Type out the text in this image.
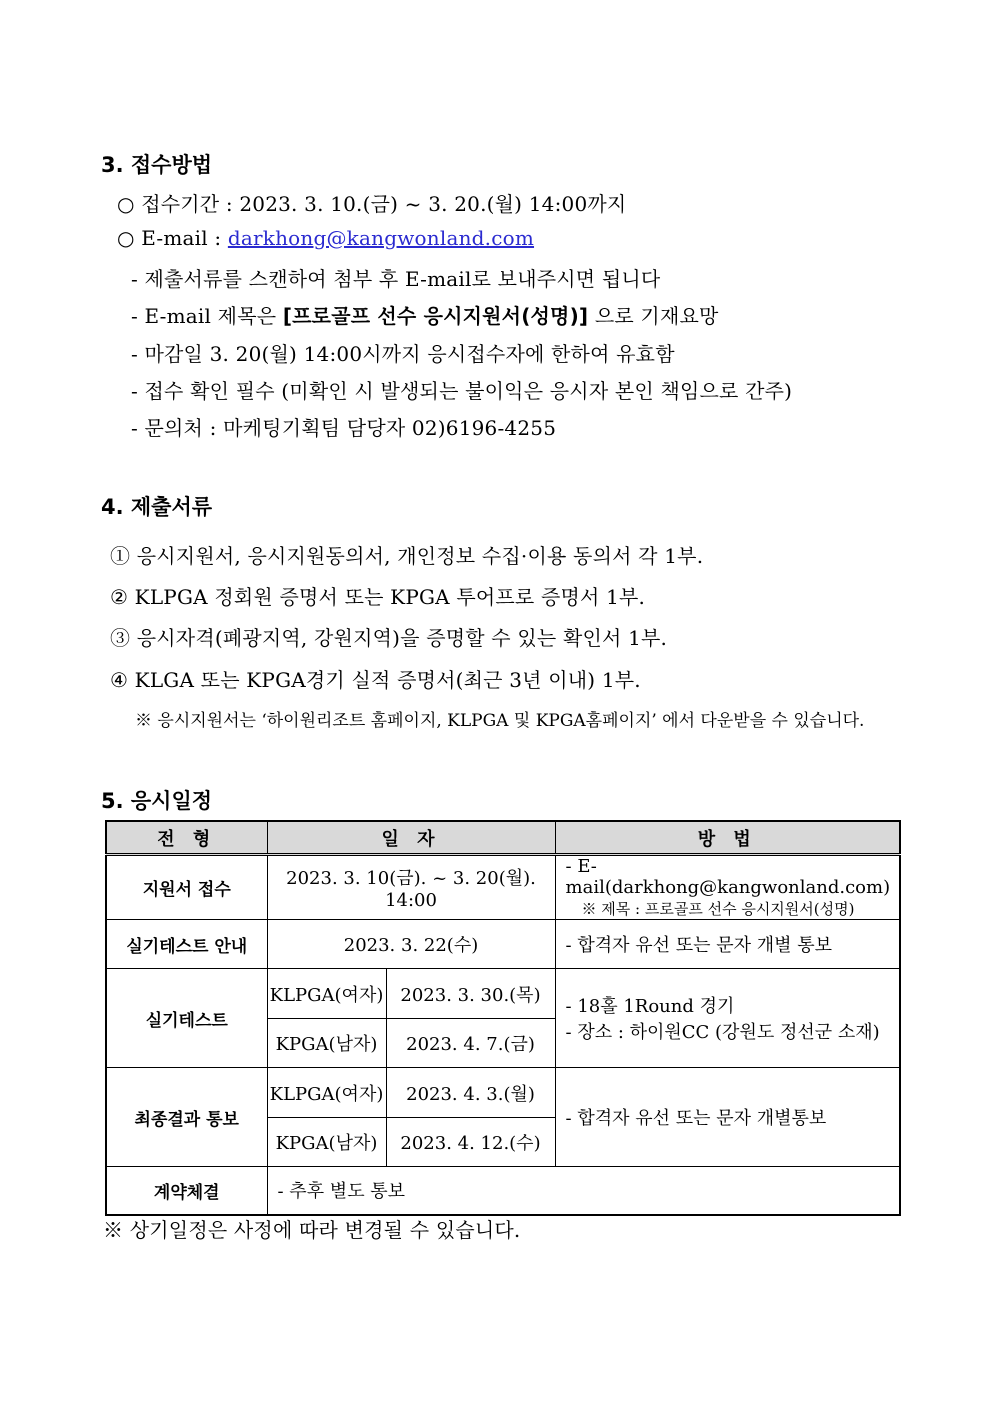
3. 접수방법
○ 접수기간 : 2023. 3. 10.(금) ~ 3. 20.(월) 14:00까지
○ E-mail : darkhong@kangwonland.com
- 제출서류를 스캔하여 첨부 후 E-mail로 보내주시면 됩니다
- E-mail 제목은 [프로골프 선수 응시지원서(성명)] 으로 기재요망
- 마감일 3. 20(월) 14:00시까지 응시접수자에 한하여 유효함
- 접수 확인 필수 (미확인 시 발생되는 불이익은 응시자 본인 책임으로 간주)
- 문의처 : 마케팅기획팀 담당자 02)6196-4255
4. 제출서류
① 응시지원서, 응시지원동의서, 개인정보 수집·이용 동의서 각 1부.
② KLPGA 정회원 증명서 또는 KPGA 투어프로 증명서 1부.
③ 응시자격(폐광지역, 강원지역)을 증명할 수 있는 확인서 1부.
④ KLGA 또는 KPGA경기 실적 증명서(최근 3년 이내) 1부.
※ 응시지원서는 ‘하이원리조트 홈페이지, KLPGA 및 KPGA홈페이지’ 에서 다운받을 수 있습니다.
5. 응시일정
전 형	일 자		방 법
지원서 접수	2023. 3. 10(금). ~ 3. 20(월). 14:00		- E-mail(darkhong@kangwonland.com)
※ 제목 : 프로골프 선수 응시지원서(성명)

실기테스트 안내	2023. 3. 22(수)		- 합격자 유선 또는 문자 개별 통보
실기테스트	KLPGA(여자)	2023. 3. 30.(목)	- 18홀 1Round 경기
- 장소 : 하이원CC (강원도 정선군 소재)

	KPGA(남자)	2023. 4. 7.(금)	
최종결과 통보	KLPGA(여자)	2023. 4. 3.(월)	- 합격자 유선 또는 문자 개별통보
	KPGA(남자)	2023. 4. 12.(수)	
계약체결	- 추후 별도 통보		
※ 상기일정은 사정에 따라 변경될 수 있습니다.
